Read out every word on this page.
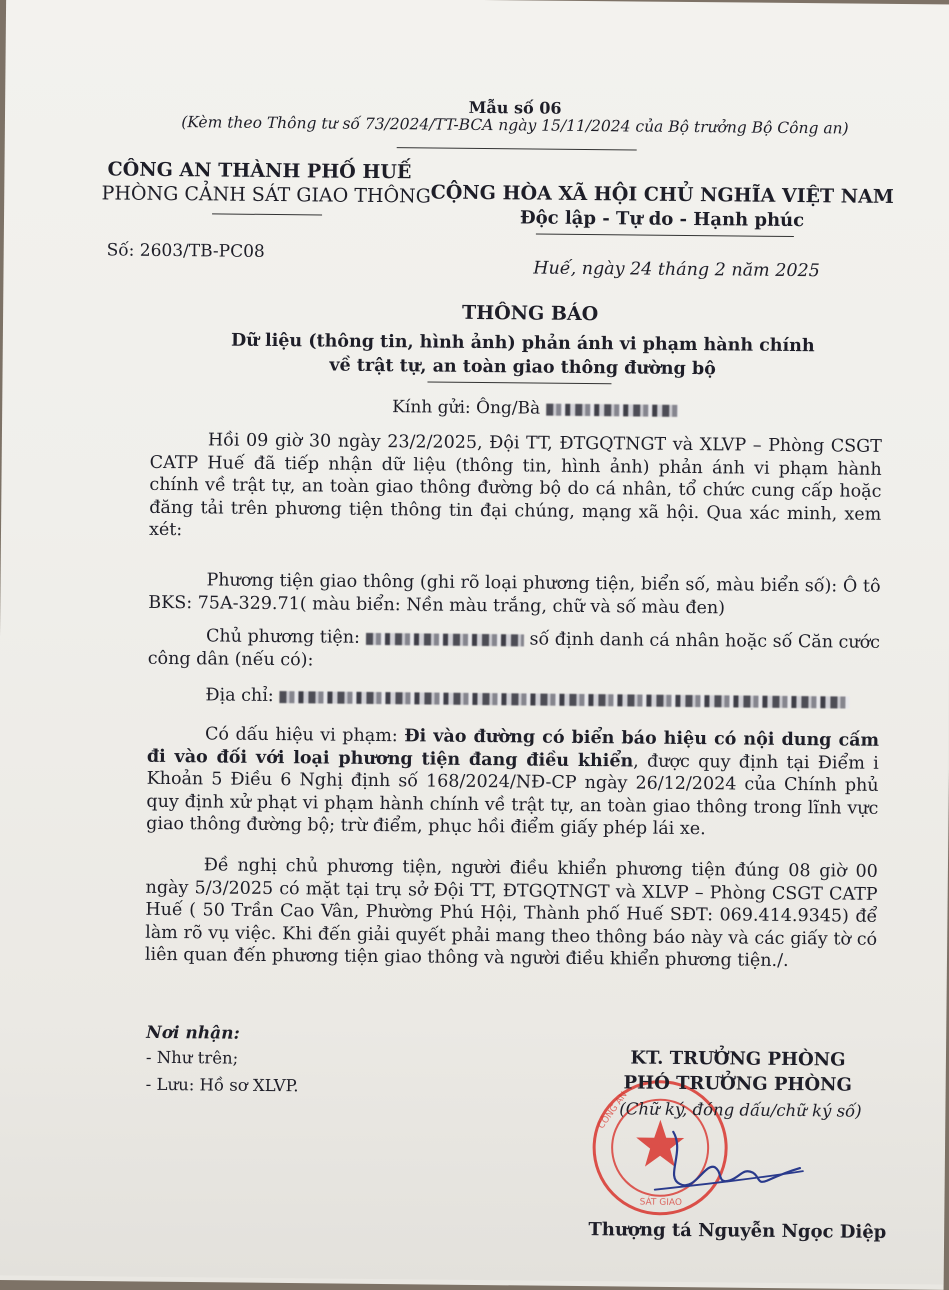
Mẫu số 06
(Kèm theo Thông tư số 73/2024/TT-BCA ngày 15/11/2024 của Bộ trưởng Bộ Công an)
CÔNG AN THÀNH PHỐ HUẾ
PHÒNG CẢNH SÁT GIAO THÔNG CỘNG HÒA XÃ HỘI CHỦ NGHĨA VIỆT NAM
Độc lập - Tự do - Hạnh phúc
Số: 2603/TB-PC08
Huế, ngày 24 tháng 2 năm 2025
THÔNG BÁO
Dữ liệu (thông tin, hình ảnh) phản ánh vi phạm hành chính
về trật tự, an toàn giao thông đường bộ
Kính gửi: Ông/Bà
Hồi 09 giờ 30 ngày 23/2/2025, Đội TT, ĐTGQTNGT và XLVP – Phòng CSGT CATP Huế đã tiếp nhận dữ liệu (thông tin, hình ảnh) phản ánh vi phạm hành chính về trật tự, an toàn giao thông đường bộ do cá nhân, tổ chức cung cấp hoặc đăng tải trên phương tiện thông tin đại chúng, mạng xã hội. Qua xác minh, xem xét:
Phương tiện giao thông (ghi rõ loại phương tiện, biển số, màu biển số): Ô tô BKS: 75A-329.71( màu biển: Nền màu trắng, chữ và số màu đen)
Chủ phương tiện:	số định danh cá nhân hoặc số Căn cước công dân (nếu có):
Địa chỉ:
Có dấu hiệu vi phạm: Đi vào đường có biển báo hiệu có nội dung cấm đi vào đối với loại phương tiện đang điều khiển, được quy định tại Điểm i Khoản 5 Điều 6 Nghị định số 168/2024/NĐ-CP ngày 26/12/2024 của Chính phủ quy định xử phạt vi phạm hành chính về trật tự, an toàn giao thông trong lĩnh vực giao thông đường bộ; trừ điểm, phục hồi điểm giấy phép lái xe.
Đề nghị chủ phương tiện, người điều khiển phương tiện đúng 08 giờ 00 ngày 5/3/2025 có mặt tại trụ sở Đội TT, ĐTGQTNGT và XLVP – Phòng CSGT CATP Huế ( 50 Trần Cao Vân, Phường Phú Hội, Thành phố Huế SĐT: 069.414.9345) để làm rõ vụ việc. Khi đến giải quyết phải mang theo thông báo này và các giấy tờ có liên quan đến phương tiện giao thông và người điều khiển phương tiện./.
Nơi nhận:
- Như trên;
- Lưu: Hồ sơ XLVP.
CÔNG AN
SÁT GIAO
KT. TRƯỞNG PHÒNG
PHÓ TRƯỞNG PHÒNG
(Chữ ký, đóng dấu/chữ ký số)
Thượng tá Nguyễn Ngọc Diệp
